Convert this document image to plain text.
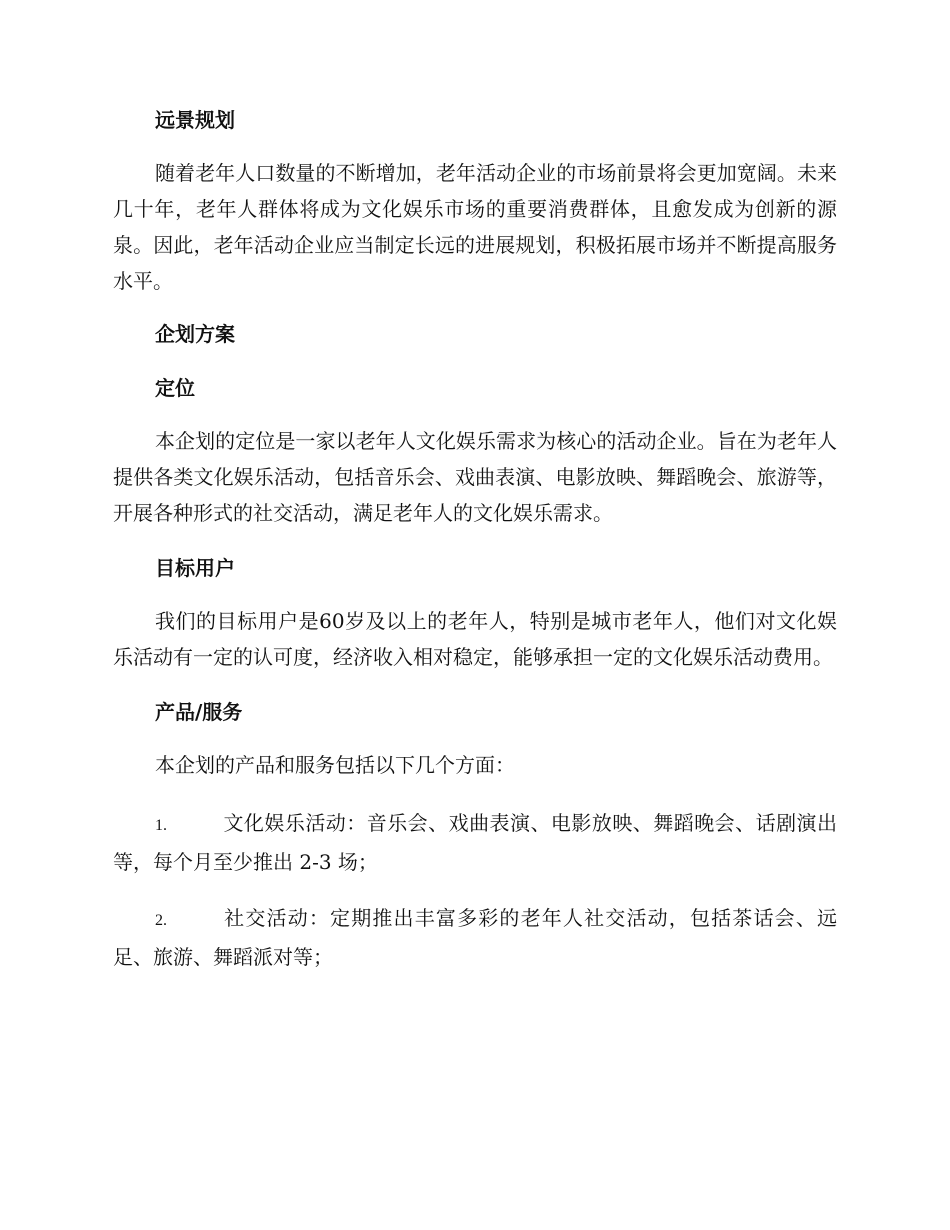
远景规划

随着老年人口数量的不断增加，老年活动企业的市场前景将会更加宽阔。未来几十年，老年人群体将成为文化娱乐市场的重要消费群体，且愈发成为创新的源泉。因此，老年活动企业应当制定长远的进展规划，积极拓展市场并不断提高服务水平。

企划方案
定位

本企划的定位是一家以老年人文化娱乐需求为核心的活动企业。旨在为老年人提供各类文化娱乐活动，包括音乐会、戏曲表演、电影放映、舞蹈晚会、旅游等，开展各种形式的社交活动，满足老年人的文化娱乐需求。

目标用户

我们的目标用户是60岁及以上的老年人，特别是城市老年人，他们对文化娱乐活动有一定的认可度，经济收入相对稳定，能够承担一定的文化娱乐活动费用。

产品/服务

本企划的产品和服务包括以下几个方面：

1.	文化娱乐活动：音乐会、戏曲表演、电影放映、舞蹈晚会、话剧演出等，每个月至少推出 2-3 场；

2.	社交活动：定期推出丰富多彩的老年人社交活动，包括茶话会、远足、旅游、舞蹈派对等；
